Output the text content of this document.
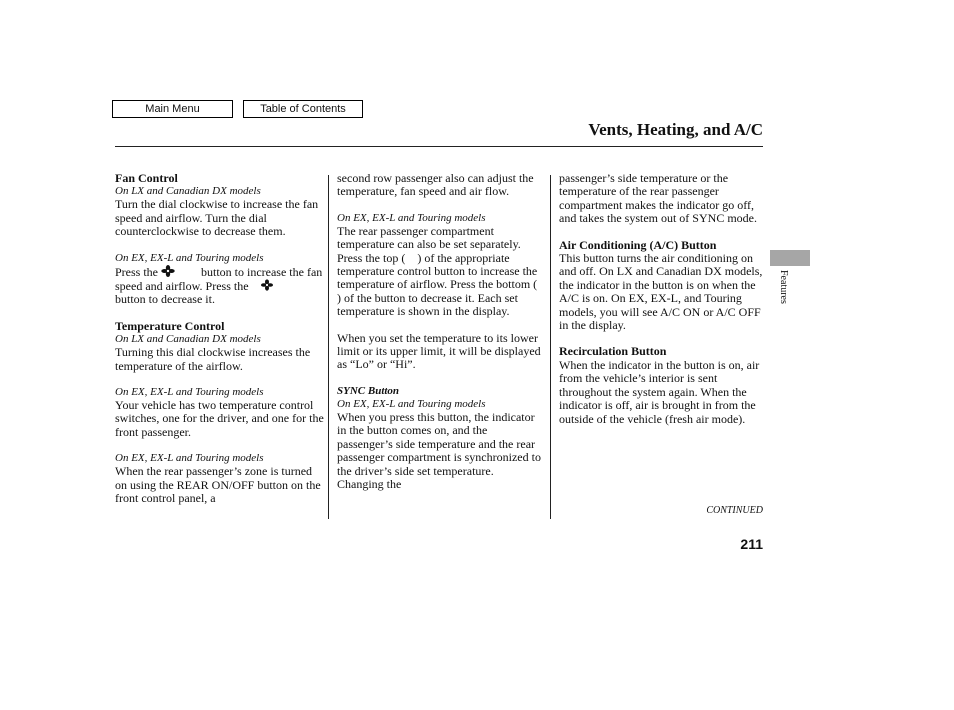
Main Menu	Table of Contents
Vents, Heating, and A/C
Fan Control
On LX and Canadian DX models

Turn the dial clockwise to increase the fan speed and airflow. Turn the dial counterclockwise to decrease them.

On EX, EX-L and Touring models

Press the	button to increase the fan speed and airflow. Press the   button to decrease it.

Temperature Control
On LX and Canadian DX models

Turning this dial clockwise increases the temperature of the airflow.

On EX, EX-L and Touring models

Your vehicle has two temperature control switches, one for the driver, and one for the front passenger.

On EX, EX-L and Touring models

When the rear passenger’s zone is turned on using the REAR ON/OFF button on the front control panel, a

second row passenger also can adjust the temperature, fan speed and air flow.

On EX, EX-L and Touring models

The rear passenger compartment temperature can also be set separately. Press the top (    ) of the appropriate temperature control button to increase the temperature of airflow. Press the bottom (    ) of the button to decrease it. Each set temperature is shown in the display.

When you set the temperature to its lower limit or its upper limit, it will be displayed as “Lo” or “Hi”.

SYNC Button
On EX, EX-L and Touring models

When you press this button, the indicator in the button comes on, and the passenger’s side temperature and the rear passenger compartment is synchronized to the driver’s side set temperature. Changing the

passenger’s side temperature or the temperature of the rear passenger compartment makes the indicator go off, and takes the system out of SYNC mode.

Air Conditioning (A/C) Button

This button turns the air conditioning on and off. On LX and Canadian DX models, the indicator in the button is on when the A/C is on. On EX, EX-L, and Touring models, you will see A/C ON or A/C OFF in the display.

Recirculation Button

When the indicator in the button is on, air from the vehicle’s interior is sent throughout the system again. When the indicator is off, air is brought in from the outside of the vehicle (fresh air mode).

Features
CONTINUED
211
